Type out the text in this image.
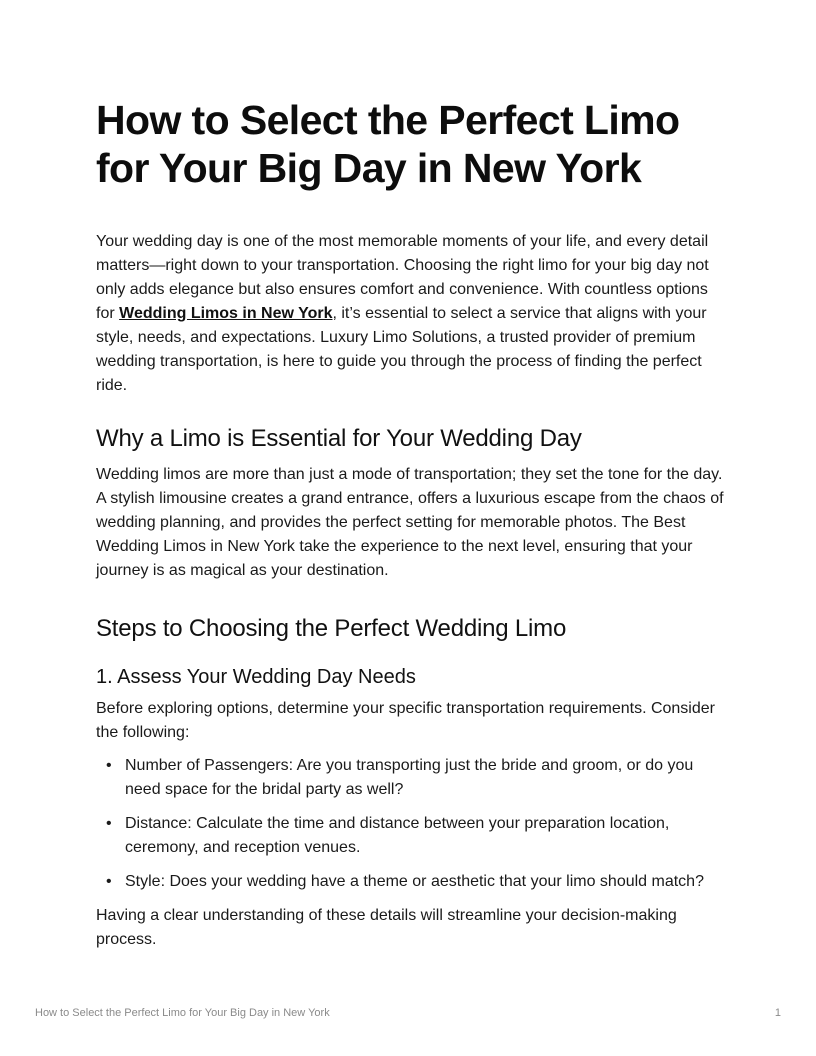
How to Select the Perfect Limo for Your Big Day in New York

Your wedding day is one of the most memorable moments of your life, and every detail matters—right down to your transportation. Choosing the right limo for your big day not only adds elegance but also ensures comfort and convenience. With countless options for Wedding Limos in New York, it’s essential to select a service that aligns with your style, needs, and expectations. Luxury Limo Solutions, a trusted provider of premium wedding transportation, is here to guide you through the process of finding the perfect ride.

Why a Limo is Essential for Your Wedding Day

Wedding limos are more than just a mode of transportation; they set the tone for the day. A stylish limousine creates a grand entrance, offers a luxurious escape from the chaos of wedding planning, and provides the perfect setting for memorable photos. The Best Wedding Limos in New York take the experience to the next level, ensuring that your journey is as magical as your destination.

Steps to Choosing the Perfect Wedding Limo
1. Assess Your Wedding Day Needs

Before exploring options, determine your specific transportation requirements. Consider the following:

• Number of Passengers: Are you transporting just the bride and groom, or do you need space for the bridal party as well?
• Distance: Calculate the time and distance between your preparation location, ceremony, and reception venues.
• Style: Does your wedding have a theme or aesthetic that your limo should match?

Having a clear understanding of these details will streamline your decision-making process.

How to Select the Perfect Limo for Your Big Day in New York	1
